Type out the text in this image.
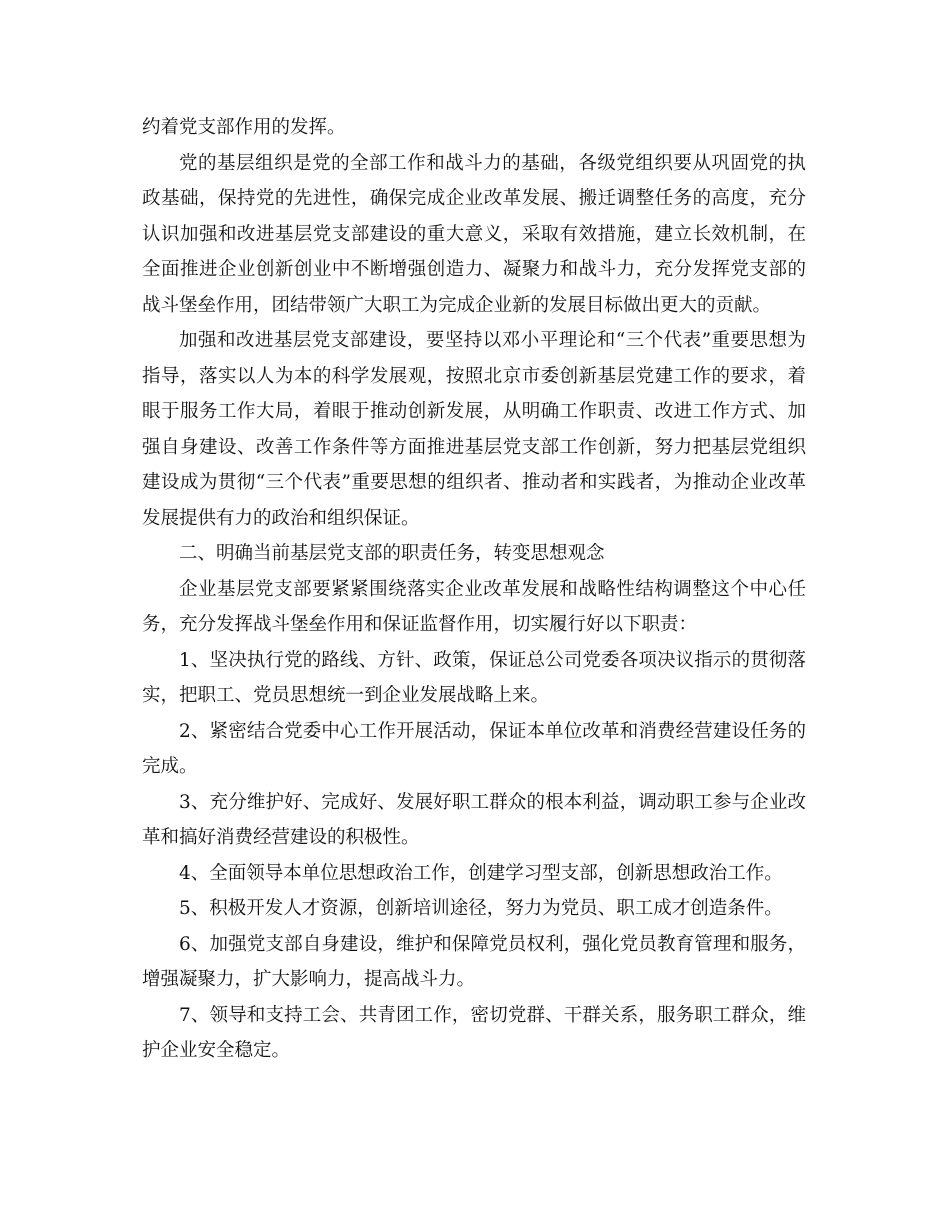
约着党支部作用的发挥。

党的基层组织是党的全部工作和战斗力的基础，各级党组织要从巩固党的执政基础，保持党的先进性，确保完成企业改革发展、搬迁调整任务的高度，充分认识加强和改进基层党支部建设的重大意义，采取有效措施，建立长效机制，在全面推进企业创新创业中不断增强创造力、凝聚力和战斗力，充分发挥党支部的战斗堡垒作用，团结带领广大职工为完成企业新的发展目标做出更大的贡献。

加强和改进基层党支部建设，要坚持以邓小平理论和“三个代表”重要思想为指导，落实以人为本的科学发展观，按照北京市委创新基层党建工作的要求，着眼于服务工作大局，着眼于推动创新发展，从明确工作职责、改进工作方式、加强自身建设、改善工作条件等方面推进基层党支部工作创新，努力把基层党组织建设成为贯彻“三个代表”重要思想的组织者、推动者和实践者，为推动企业改革发展提供有力的政治和组织保证。

二、明确当前基层党支部的职责任务，转变思想观念

企业基层党支部要紧紧围绕落实企业改革发展和战略性结构调整这个中心任务，充分发挥战斗堡垒作用和保证监督作用，切实履行好以下职责：

1、坚决执行党的路线、方针、政策，保证总公司党委各项决议指示的贯彻落实，把职工、党员思想统一到企业发展战略上来。

2、紧密结合党委中心工作开展活动，保证本单位改革和消费经营建设任务的完成。

3、充分维护好、完成好、发展好职工群众的根本利益，调动职工参与企业改革和搞好消费经营建设的积极性。

4、全面领导本单位思想政治工作，创建学习型支部，创新思想政治工作。

5、积极开发人才资源，创新培训途径，努力为党员、职工成才创造条件。

6、加强党支部自身建设，维护和保障党员权利，强化党员教育管理和服务，增强凝聚力，扩大影响力，提高战斗力。

7、领导和支持工会、共青团工作，密切党群、干群关系，服务职工群众，维护企业安全稳定。
